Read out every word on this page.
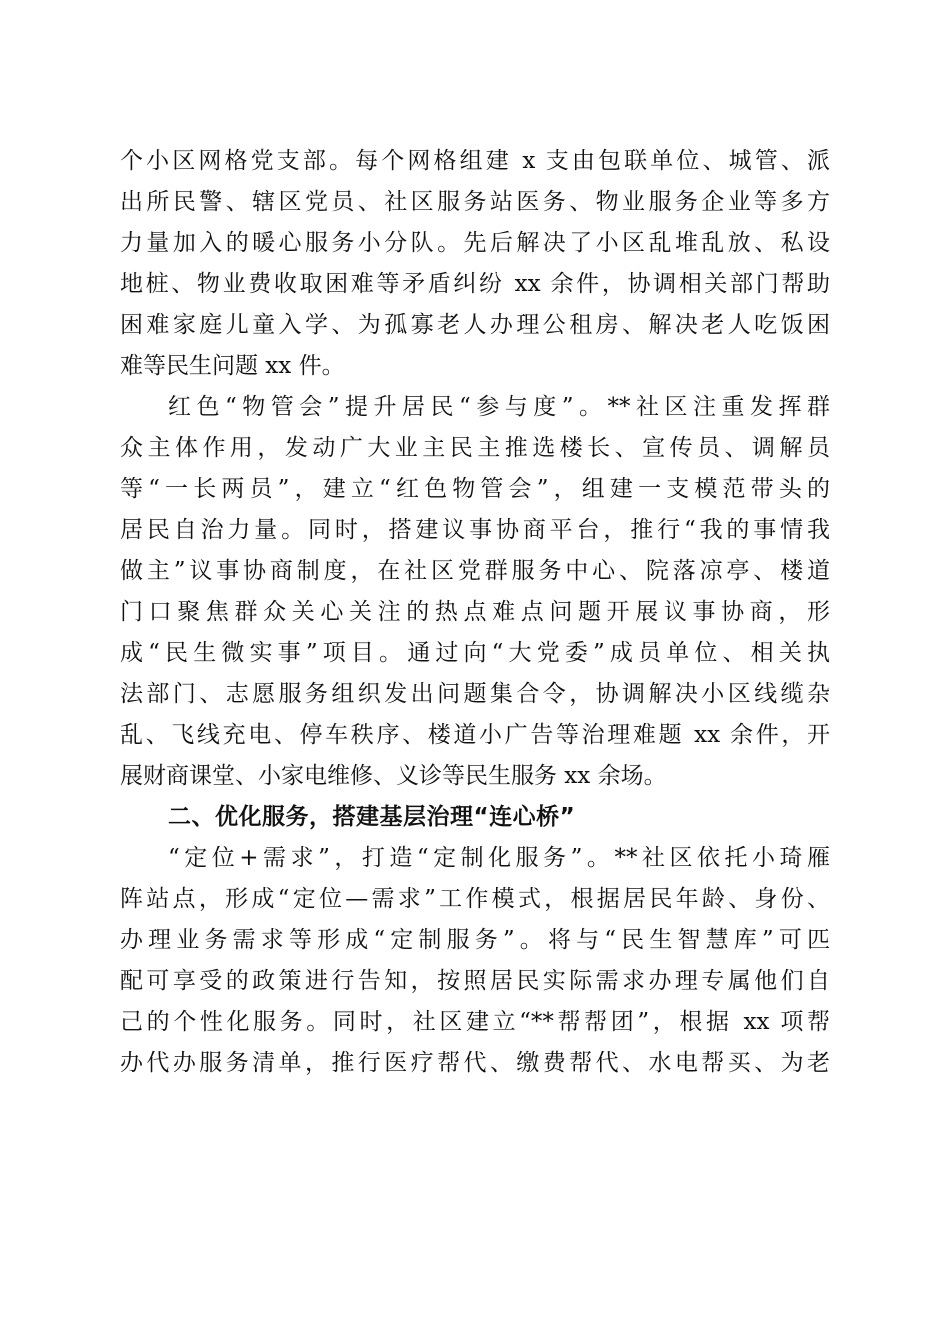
个小区网格党支部。每个网格组建 x 支由包联单位、城管、派
出所民警、辖区党员、社区服务站医务、物业服务企业等多方
力量加入的暖心服务小分队。先后解决了小区乱堆乱放、私设
地桩、物业费收取困难等矛盾纠纷 xx 余件，协调相关部门帮助
困难家庭儿童入学、为孤寡老人办理公租房、解决老人吃饭困
难等民生问题 xx 件。
红色“物管会”提升居民“参与度”。**社区注重发挥群
众主体作用，发动广大业主民主推选楼长、宣传员、调解员
等“一长两员”，建立“红色物管会”，组建一支模范带头的
居民自治力量。同时，搭建议事协商平台，推行“我的事情我
做主”议事协商制度，在社区党群服务中心、院落凉亭、楼道
门口聚焦群众关心关注的热点难点问题开展议事协商，形
成“民生微实事”项目。通过向“大党委”成员单位、相关执
法部门、志愿服务组织发出问题集合令，协调解决小区线缆杂
乱、飞线充电、停车秩序、楼道小广告等治理难题 xx 余件，开
展财商课堂、小家电维修、义诊等民生服务 xx 余场。
二、优化服务，搭建基层治理“连心桥”
“定位+需求”，打造“定制化服务”。**社区依托小琦雁
阵站点，形成“定位—需求”工作模式，根据居民年龄、身份、
办理业务需求等形成“定制服务”。将与“民生智慧库”可匹
配可享受的政策进行告知，按照居民实际需求办理专属他们自
己的个性化服务。同时，社区建立“**帮帮团”，根据 xx 项帮
办代办服务清单，推行医疗帮代、缴费帮代、水电帮买、为老
